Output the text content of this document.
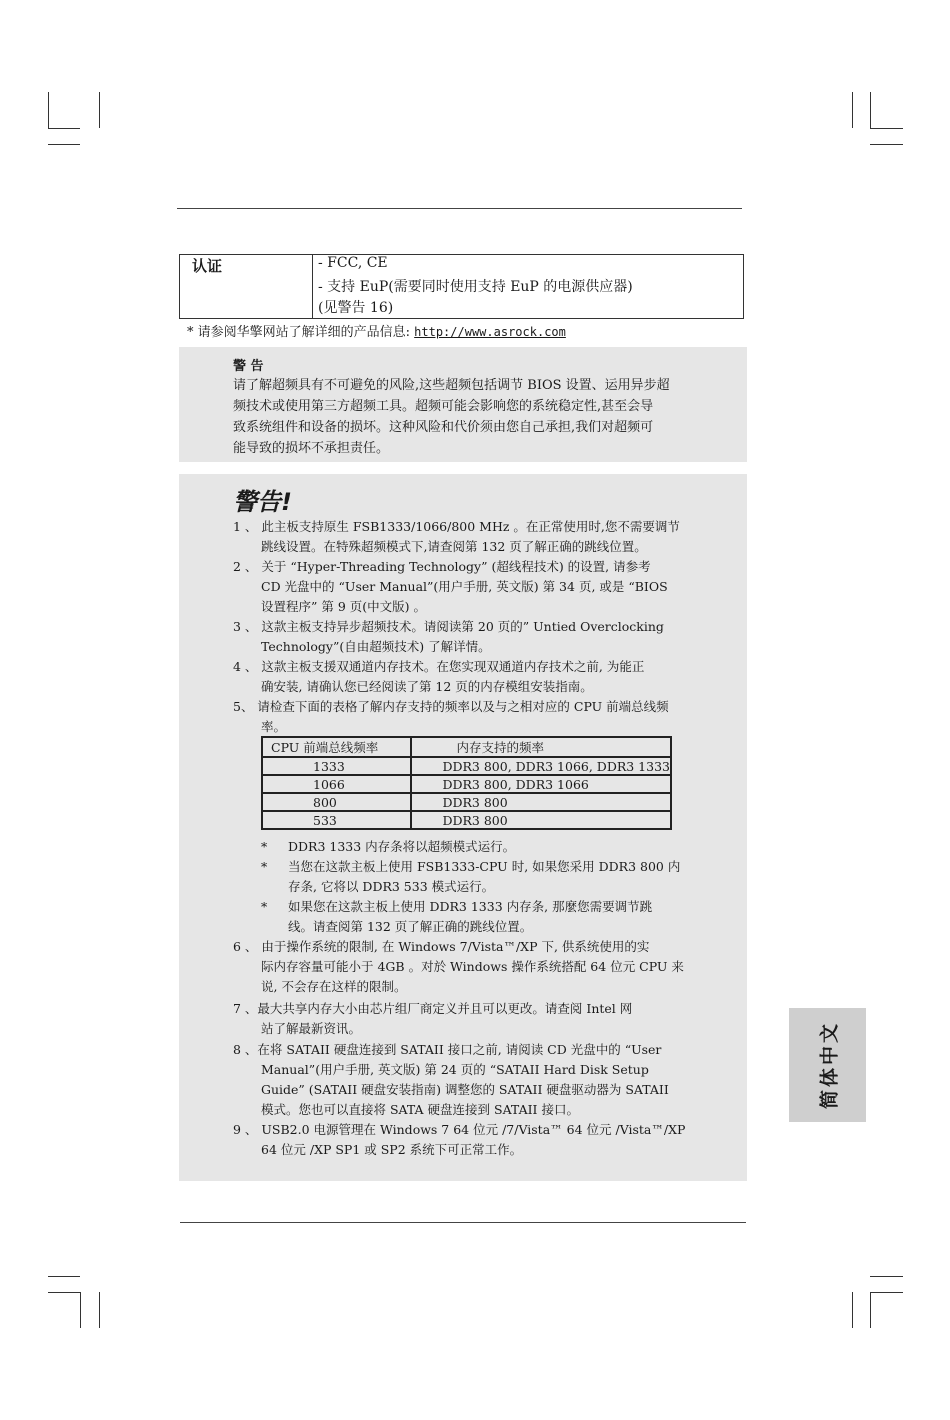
认证	- FCC, CE
- 支持 EuP(需要同时使用支持 EuP 的电源供应器)
(见警告 16)
* 请参阅华擎网站了解详细的产品信息: http://www.asrock.com
警 告
请了解超频具有不可避免的风险,这些超频包括调节 BIOS 设置、运用异步超
频技术或使用第三方超频工具。超频可能会影响您的系统稳定性,甚至会导
致系统组件和设备的损坏。这种风险和代价须由您自己承担,我们对超频可
能导致的损坏不承担责任。
警告!
1 、 此主板支持原生 FSB1333/1066/800 MHz 。在正常使用时,您不需要调节
跳线设置。在特殊超频模式下,请查阅第 132 页了解正确的跳线位置。
2 、 关于 “Hyper-Threading Technology” (超线程技术) 的设置, 请参考
CD 光盘中的 “User Manual”(用户手册, 英文版) 第 34 页, 或是 “BIOS
设置程序” 第 9 页(中文版) 。
3 、 这款主板支持异步超频技术。请阅读第 20 页的” Untied Overclocking
Technology”(自由超频技术) 了解详情。
4 、 这款主板支援双通道内存技术。在您实现双通道内存技术之前, 为能正
确安装, 请确认您已经阅读了第 12 页的内存模组安装指南。
5、 请检查下面的表格了解内存支持的频率以及与之相对应的 CPU 前端总线频
率。
CPU 前端总线频率	内存支持的频率
1333	DDR3 800, DDR3 1066, DDR3 1333
1066	DDR3 800, DDR3 1066
800	DDR3 800
533	DDR3 800
* DDR3 1333 内存条将以超频模式运行。
* 当您在这款主板上使用 FSB1333-CPU 时, 如果您采用 DDR3 800 内
存条, 它将以 DDR3 533 模式运行。
* 如果您在这款主板上使用 DDR3 1333 内存条, 那麼您需要调节跳
线。请查阅第 132 页了解正确的跳线位置。
6 、 由于操作系统的限制, 在 Windows 7/Vista™/XP 下, 供系统使用的实
际内存容量可能小于 4GB 。对於 Windows 操作系统搭配 64 位元 CPU 来
说, 不会存在这样的限制。
7 、最大共享内存大小由芯片组厂商定义并且可以更改。请查阅 Intel 网
站了解最新资讯。
8 、在将 SATAII 硬盘连接到 SATAII 接口之前, 请阅读 CD 光盘中的 “User
Manual”(用户手册, 英文版) 第 24 页的 “SATAII Hard Disk Setup
Guide” (SATAII 硬盘安装指南) 调整您的 SATAII 硬盘驱动器为 SATAII
模式。您也可以直接将 SATA 硬盘连接到 SATAII 接口。
9 、 USB2.0 电源管理在 Windows 7 64 位元 /7/Vista™ 64 位元 /Vista™/XP
64 位元 /XP SP1 或 SP2 系统下可正常工作。
简体中文
